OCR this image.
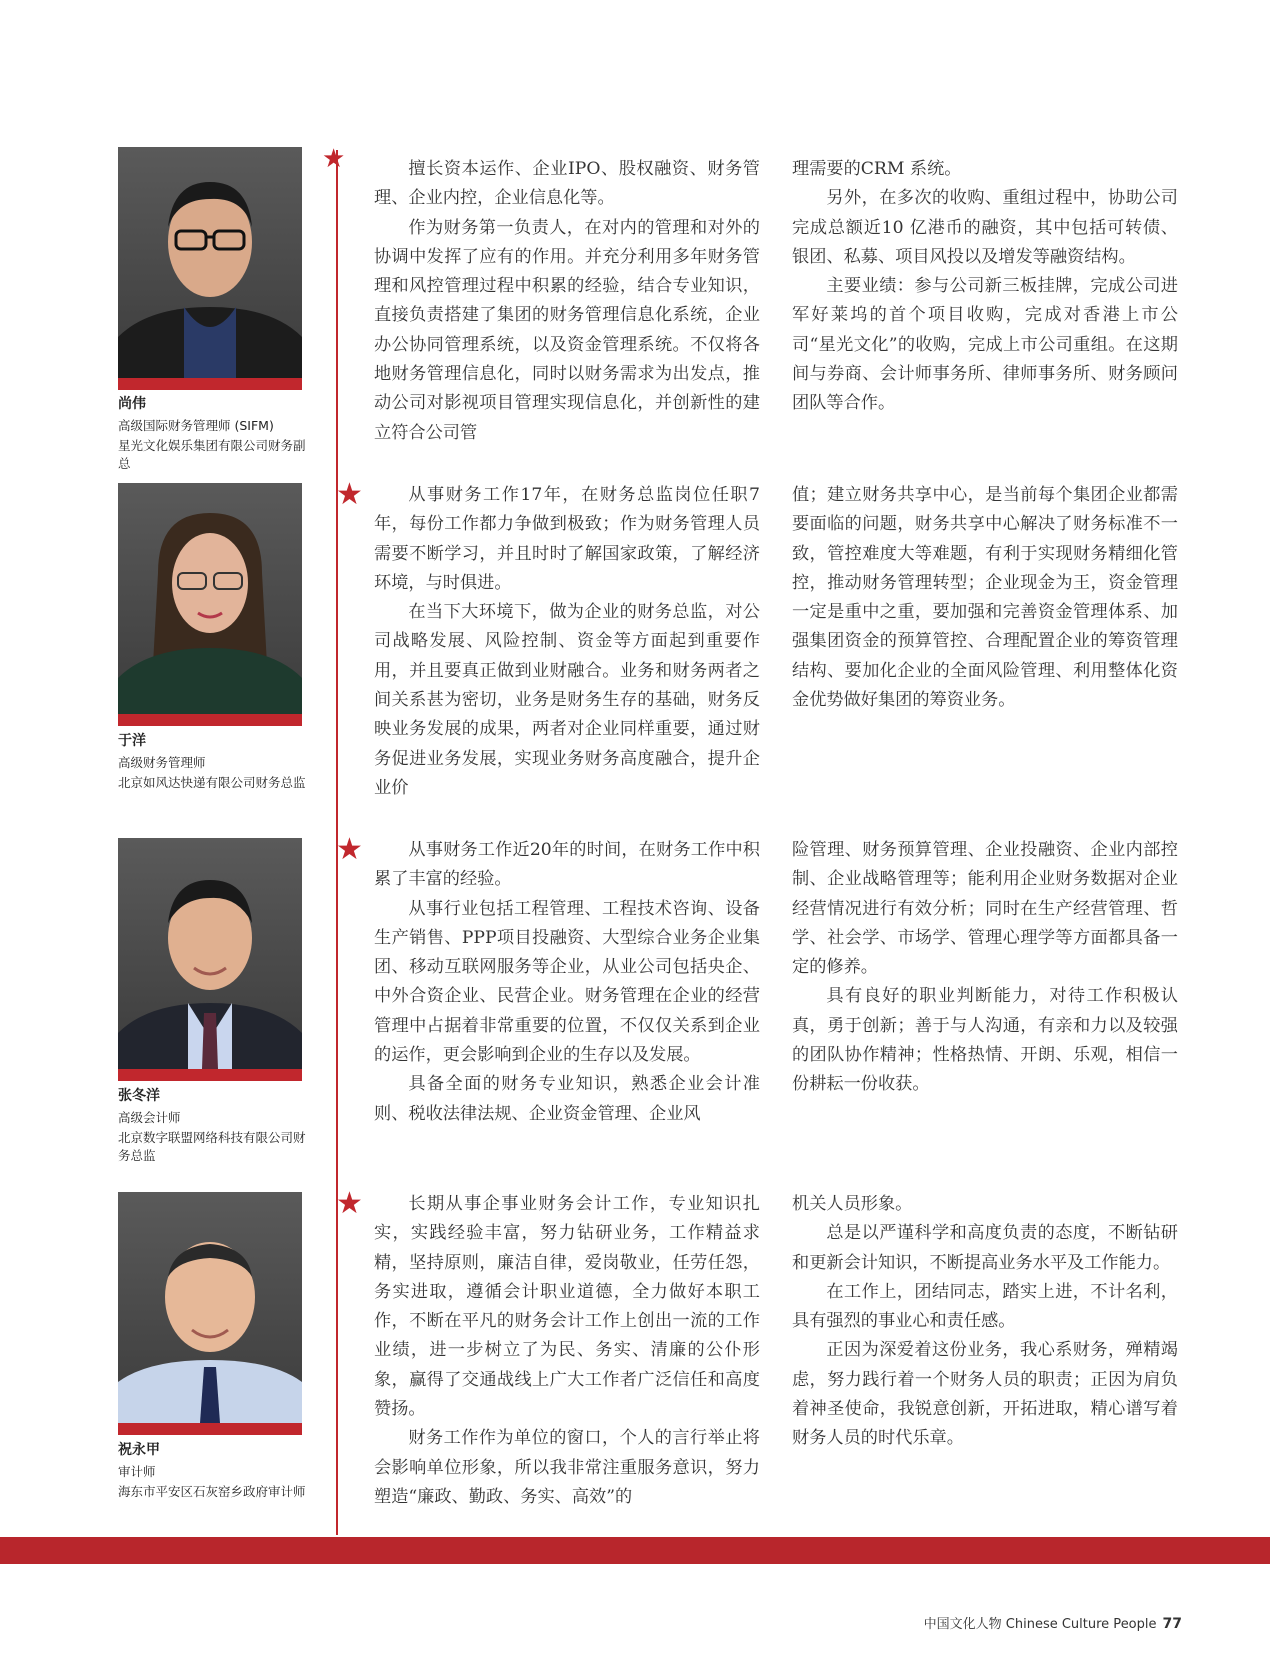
★
尚伟
高级国际财务管理师 (SIFM)
星光文化娱乐集团有限公司财务副总

擅长资本运作、企业IPO、股权融资、财务管理、企业内控，企业信息化等。

作为财务第一负责人，在对内的管理和对外的协调中发挥了应有的作用。并充分利用多年财务管理和风控管理过程中积累的经验，结合专业知识，直接负责搭建了集团的财务管理信息化系统，企业办公协同管理系统，以及资金管理系统。不仅将各地财务管理信息化，同时以财务需求为出发点，推动公司对影视项目管理实现信息化，并创新性的建立符合公司管

理需要的CRM 系统。

另外，在多次的收购、重组过程中，协助公司完成总额近10 亿港币的融资，其中包括可转债、银团、私募、项目风投以及增发等融资结构。

主要业绩：参与公司新三板挂牌，完成公司进军好莱坞的首个项目收购，完成对香港上市公司“星光文化”的收购，完成上市公司重组。在这期间与券商、会计师事务所、律师事务所、财务顾问团队等合作。

★
于洋
高级财务管理师
北京如风达快递有限公司财务总监

从事财务工作17年，在财务总监岗位任职7年，每份工作都力争做到极致；作为财务管理人员需要不断学习，并且时时了解国家政策，了解经济环境，与时俱进。

在当下大环境下，做为企业的财务总监，对公司战略发展、风险控制、资金等方面起到重要作用，并且要真正做到业财融合。业务和财务两者之间关系甚为密切，业务是财务生存的基础，财务反映业务发展的成果，两者对企业同样重要，通过财务促进业务发展，实现业务财务高度融合，提升企业价

值；建立财务共享中心，是当前每个集团企业都需要面临的问题，财务共享中心解决了财务标准不一致，管控难度大等难题，有利于实现财务精细化管控，推动财务管理转型；企业现金为王，资金管理一定是重中之重，要加强和完善资金管理体系、加强集团资金的预算管控、合理配置企业的筹资管理结构、要加化企业的全面风险管理、利用整体化资金优势做好集团的筹资业务。

★
张冬洋
高级会计师
北京数字联盟网络科技有限公司财务总监

从事财务工作近20年的时间，在财务工作中积累了丰富的经验。

从事行业包括工程管理、工程技术咨询、设备生产销售、PPP项目投融资、大型综合业务企业集团、移动互联网服务等企业，从业公司包括央企、中外合资企业、民营企业。财务管理在企业的经营管理中占据着非常重要的位置，不仅仅关系到企业的运作，更会影响到企业的生存以及发展。

具备全面的财务专业知识，熟悉企业会计准则、税收法律法规、企业资金管理、企业风

险管理、财务预算管理、企业投融资、企业内部控制、企业战略管理等；能利用企业财务数据对企业经营情况进行有效分析；同时在生产经营管理、哲学、社会学、市场学、管理心理学等方面都具备一定的修养。

具有良好的职业判断能力，对待工作积极认真，勇于创新；善于与人沟通，有亲和力以及较强的团队协作精神；性格热情、开朗、乐观，相信一份耕耘一份收获。

★
祝永甲
审计师
海东市平安区石灰窑乡政府审计师

长期从事企事业财务会计工作，专业知识扎实，实践经验丰富，努力钻研业务，工作精益求精，坚持原则，廉洁自律，爱岗敬业，任劳任怨，务实进取，遵循会计职业道德，全力做好本职工作，不断在平凡的财务会计工作上创出一流的工作业绩，进一步树立了为民、务实、清廉的公仆形象，赢得了交通战线上广大工作者广泛信任和高度赞扬。

财务工作作为单位的窗口，个人的言行举止将会影响单位形象，所以我非常注重服务意识，努力塑造“廉政、勤政、务实、高效”的

机关人员形象。

总是以严谨科学和高度负责的态度，不断钻研和更新会计知识，不断提高业务水平及工作能力。

在工作上，团结同志，踏实上进，不计名利，具有强烈的事业心和责任感。

正因为深爱着这份业务，我心系财务，殚精竭虑，努力践行着一个财务人员的职责；正因为肩负着神圣使命，我锐意创新，开拓进取，精心谱写着财务人员的时代乐章。

中国文化人物 Chinese Culture People 77
